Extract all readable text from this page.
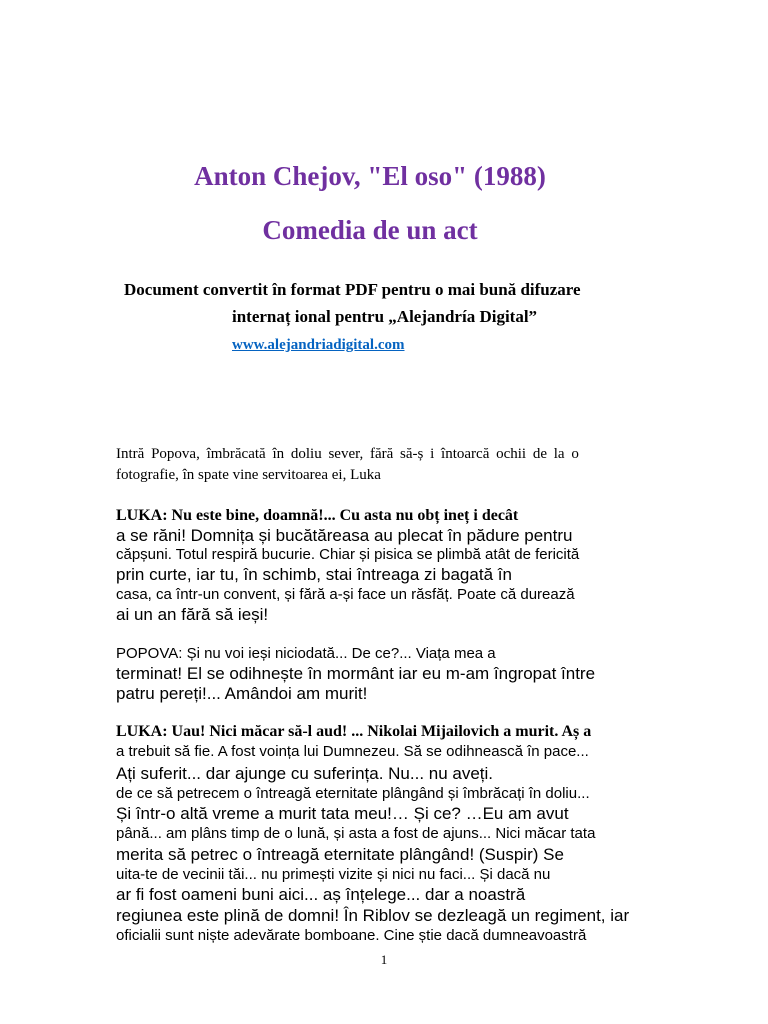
Anton Chejov, "El oso" (1988)
Comedia de un act
Document convertit în format PDF pentru o mai bună difuzare
internaț ional pentru „Alejandría Digital”
www.alejandriadigital.com
Intră Popova, îmbrăcată în doliu sever, fără să-ș i întoarcă ochii de la o
fotografie, în spate vine servitoarea ei, Luka
LUKA: Nu este bine, doamnă!... Cu asta nu obț ineț i decât
a se răni! Domnița și bucătăreasa au plecat în pădure pentru
căpșuni. Totul respiră bucurie. Chiar și pisica se plimbă atât de fericită
prin curte, iar tu, în schimb, stai întreaga zi bagată în
casa, ca într-un convent, și fără a-și face un răsfăț. Poate că durează
ai un an fără să ieși!
POPOVA: Și nu voi ieși niciodată... De ce?... Viața mea a
terminat! El se odihnește în mormânt iar eu m-am îngropat între
patru pereți!... Amândoi am murit!
LUKA: Uau! Nici măcar să-l aud! ... Nikolai Mijailovich a murit. Aș a
a trebuit să fie. A fost voința lui Dumnezeu. Să se odihnească în pace...
Ați suferit... dar ajunge cu suferința. Nu... nu aveți.
de ce să petrecem o întreagă eternitate plângând și îmbrăcați în doliu...
Și într-o altă vreme a murit tata meu!… Și ce? …Eu am avut
până... am plâns timp de o lună, și asta a fost de ajuns... Nici măcar tata
merita să petrec o întreagă eternitate plângând! (Suspir) Se
uita-te de vecinii tăi... nu primești vizite și nici nu faci... Și dacă nu
ar fi fost oameni buni aici... aș înțelege... dar a noastră
regiunea este plină de domni! În Riblov se dezleagă un regiment, iar
oficialii sunt niște adevărate bomboane. Cine știe dacă dumneavoastră
1
